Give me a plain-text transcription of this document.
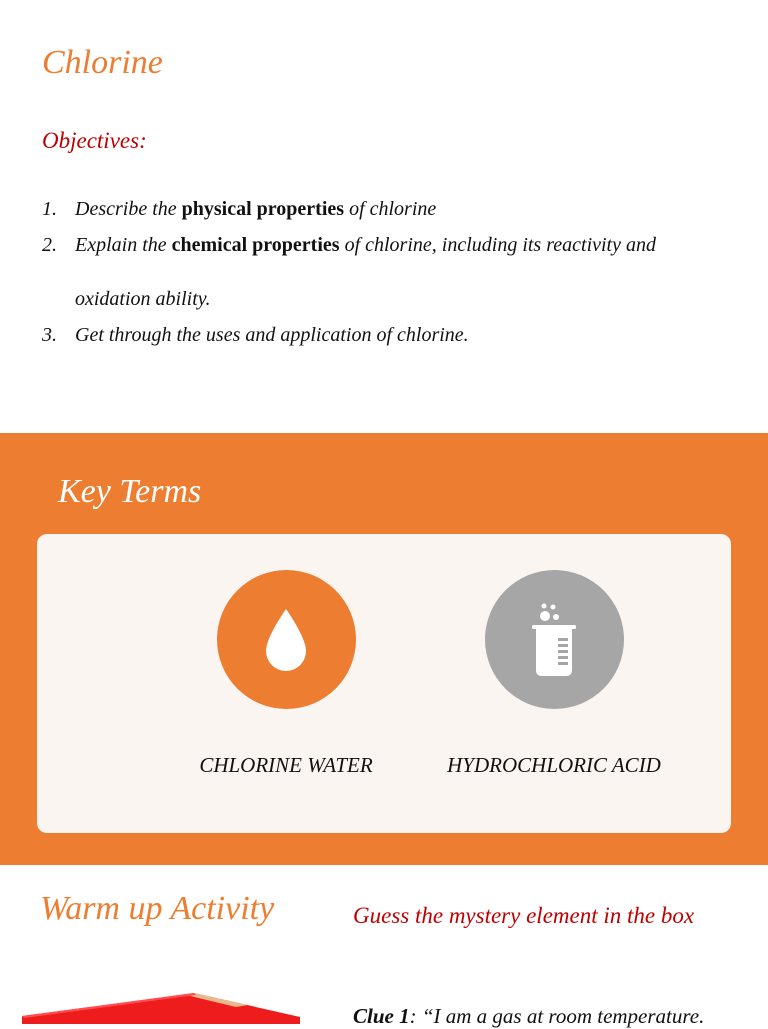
Chlorine
Objectives:
1. Describe the physical properties of chlorine
2. Explain the chemical properties of chlorine, including its reactivity and
oxidation ability.
3. Get through the uses and application of chlorine.
Key Terms
CHLORINE WATER	HYDROCHLORIC ACID
Warm up Activity	Guess the mystery element in the box

Clue 1: “I am a gas at room temperature.
